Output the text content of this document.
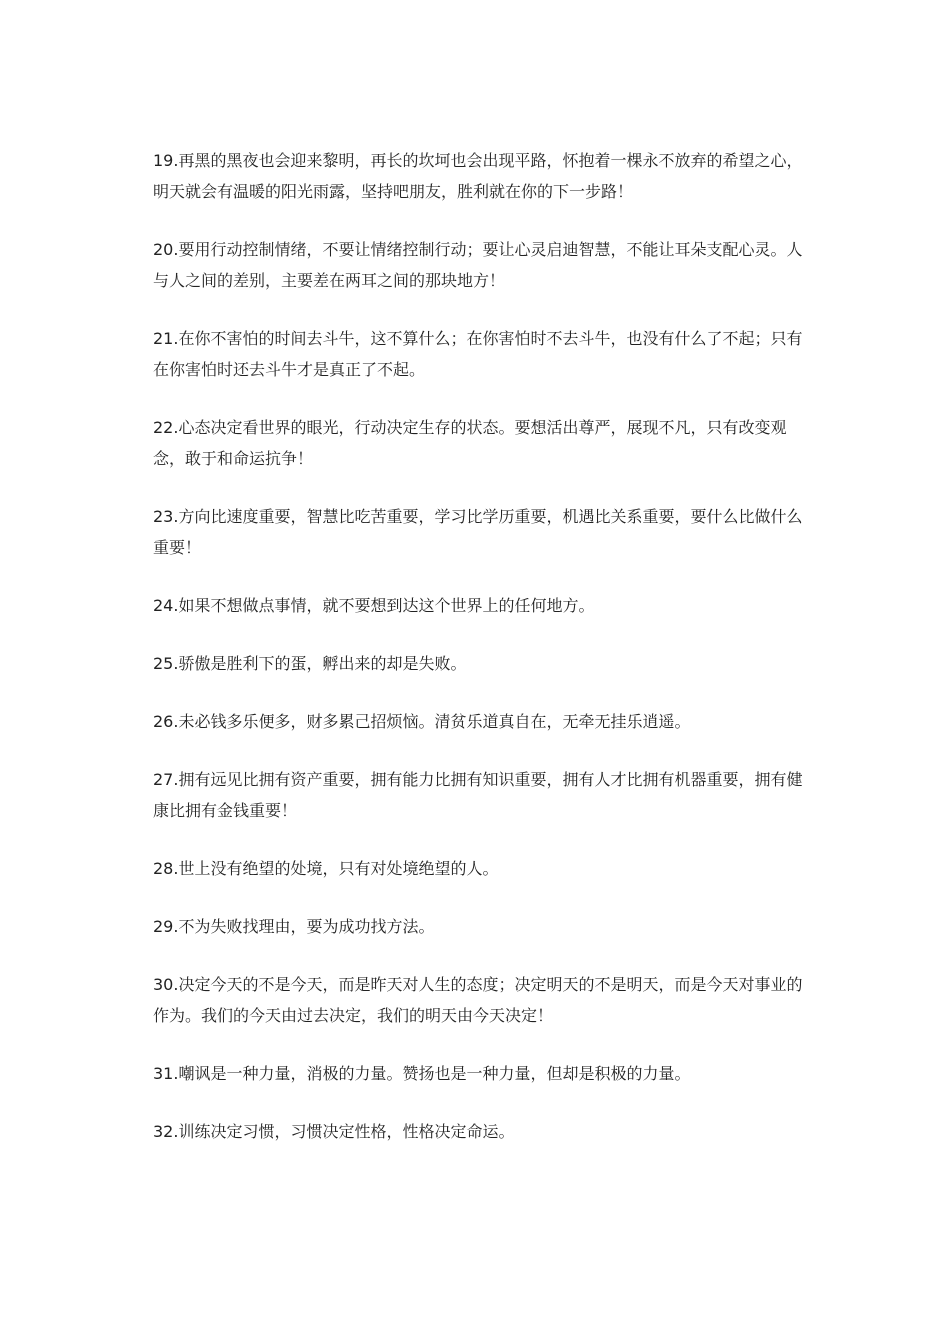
19.再黑的黑夜也会迎来黎明，再长的坎坷也会出现平路，怀抱着一棵永不放弃的希望之心，明天就会有温暖的阳光雨露，坚持吧朋友，胜利就在你的下一步路！

20.要用行动控制情绪，不要让情绪控制行动；要让心灵启迪智慧，不能让耳朵支配心灵。人与人之间的差别，主要差在两耳之间的那块地方！

21.在你不害怕的时间去斗牛，这不算什么；在你害怕时不去斗牛，也没有什么了不起；只有在你害怕时还去斗牛才是真正了不起。

22.心态决定看世界的眼光，行动决定生存的状态。要想活出尊严，展现不凡，只有改变观念，敢于和命运抗争！

23.方向比速度重要，智慧比吃苦重要，学习比学历重要，机遇比关系重要，要什么比做什么重要！

24.如果不想做点事情，就不要想到达这个世界上的任何地方。

25.骄傲是胜利下的蛋，孵出来的却是失败。

26.未必钱多乐便多，财多累己招烦恼。清贫乐道真自在，无牵无挂乐逍遥。

27.拥有远见比拥有资产重要，拥有能力比拥有知识重要，拥有人才比拥有机器重要，拥有健康比拥有金钱重要！

28.世上没有绝望的处境，只有对处境绝望的人。

29.不为失败找理由，要为成功找方法。

30.决定今天的不是今天，而是昨天对人生的态度；决定明天的不是明天，而是今天对事业的作为。我们的今天由过去决定，我们的明天由今天决定！

31.嘲讽是一种力量，消极的力量。赞扬也是一种力量，但却是积极的力量。

32.训练决定习惯，习惯决定性格，性格决定命运。
